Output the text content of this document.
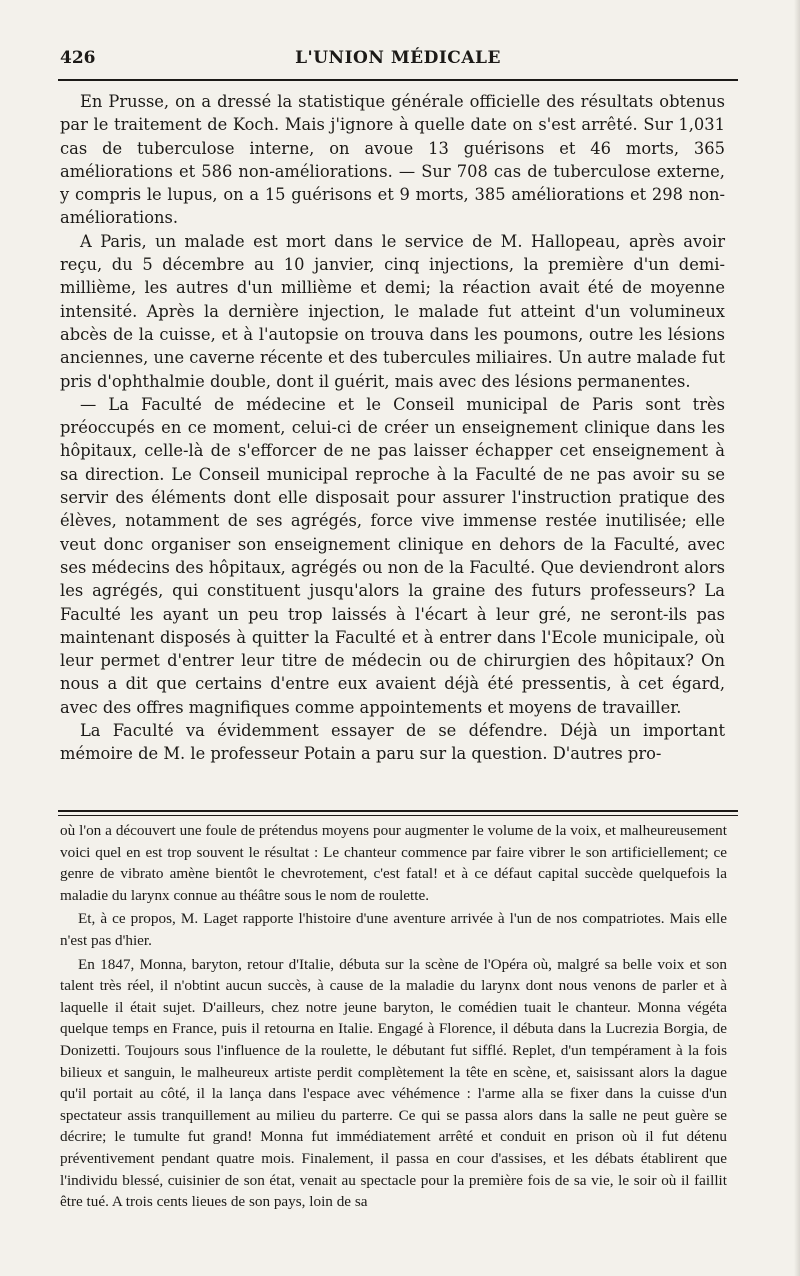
426	L'UNION MÉDICALE

En Prusse, on a dressé la statistique générale officielle des résultats obtenus par le traitement de Koch. Mais j'ignore à quelle date on s'est arrêté. Sur 1,031 cas de tuberculose interne, on avoue 13 guérisons et 46 morts, 365 améliorations et 586 non-améliorations. — Sur 708 cas de tuberculose externe, y compris le lupus, on a 15 guérisons et 9 morts, 385 améliorations et 298 non-améliorations.

A Paris, un malade est mort dans le service de M. Hallopeau, après avoir reçu, du 5 décembre au 10 janvier, cinq injections, la première d'un demi-millième, les autres d'un millième et demi; la réaction avait été de moyenne intensité. Après la dernière injection, le malade fut atteint d'un volumineux abcès de la cuisse, et à l'autopsie on trouva dans les poumons, outre les lésions anciennes, une caverne récente et des tubercules miliaires. Un autre malade fut pris d'ophthalmie double, dont il guérit, mais avec des lésions permanentes.

— La Faculté de médecine et le Conseil municipal de Paris sont très préoccupés en ce moment, celui-ci de créer un enseignement clinique dans les hôpitaux, celle-là de s'efforcer de ne pas laisser échapper cet enseignement à sa direction. Le Conseil municipal reproche à la Faculté de ne pas avoir su se servir des éléments dont elle disposait pour assurer l'instruction pratique des élèves, notamment de ses agrégés, force vive immense restée inutilisée; elle veut donc organiser son enseignement clinique en dehors de la Faculté, avec ses médecins des hôpitaux, agrégés ou non de la Faculté. Que deviendront alors les agrégés, qui constituent jusqu'alors la graine des futurs professeurs? La Faculté les ayant un peu trop laissés à l'écart à leur gré, ne seront-ils pas maintenant disposés à quitter la Faculté et à entrer dans l'Ecole municipale, où leur permet d'entrer leur titre de médecin ou de chirurgien des hôpitaux? On nous a dit que certains d'entre eux avaient déjà été pressentis, à cet égard, avec des offres magnifiques comme appointements et moyens de travailler.

La Faculté va évidemment essayer de se défendre. Déjà un important mémoire de M. le professeur Potain a paru sur la question. D'autres pro-

où l'on a découvert une foule de prétendus moyens pour augmenter le volume de la voix, et malheureusement voici quel en est trop souvent le résultat : Le chanteur commence par faire vibrer le son artificiellement; ce genre de vibrato amène bientôt le chevrotement, c'est fatal! et à ce défaut capital succède quelquefois la maladie du larynx connue au théâtre sous le nom de roulette.

Et, à ce propos, M. Laget rapporte l'histoire d'une aventure arrivée à l'un de nos compatriotes. Mais elle n'est pas d'hier.

En 1847, Monna, baryton, retour d'Italie, débuta sur la scène de l'Opéra où, malgré sa belle voix et son talent très réel, il n'obtint aucun succès, à cause de la maladie du larynx dont nous venons de parler et à laquelle il était sujet. D'ailleurs, chez notre jeune baryton, le comédien tuait le chanteur. Monna végéta quelque temps en France, puis il retourna en Italie. Engagé à Florence, il débuta dans la Lucrezia Borgia, de Donizetti. Toujours sous l'influence de la roulette, le débutant fut sifflé. Replet, d'un tempérament à la fois bilieux et sanguin, le malheureux artiste perdit complètement la tête en scène, et, saisissant alors la dague qu'il portait au côté, il la lança dans l'espace avec véhémence : l'arme alla se fixer dans la cuisse d'un spectateur assis tranquillement au milieu du parterre. Ce qui se passa alors dans la salle ne peut guère se décrire; le tumulte fut grand! Monna fut immédiatement arrêté et conduit en prison où il fut détenu préventivement pendant quatre mois. Finalement, il passa en cour d'assises, et les débats établirent que l'individu blessé, cuisinier de son état, venait au spectacle pour la première fois de sa vie, le soir où il faillit être tué. A trois cents lieues de son pays, loin de sa
